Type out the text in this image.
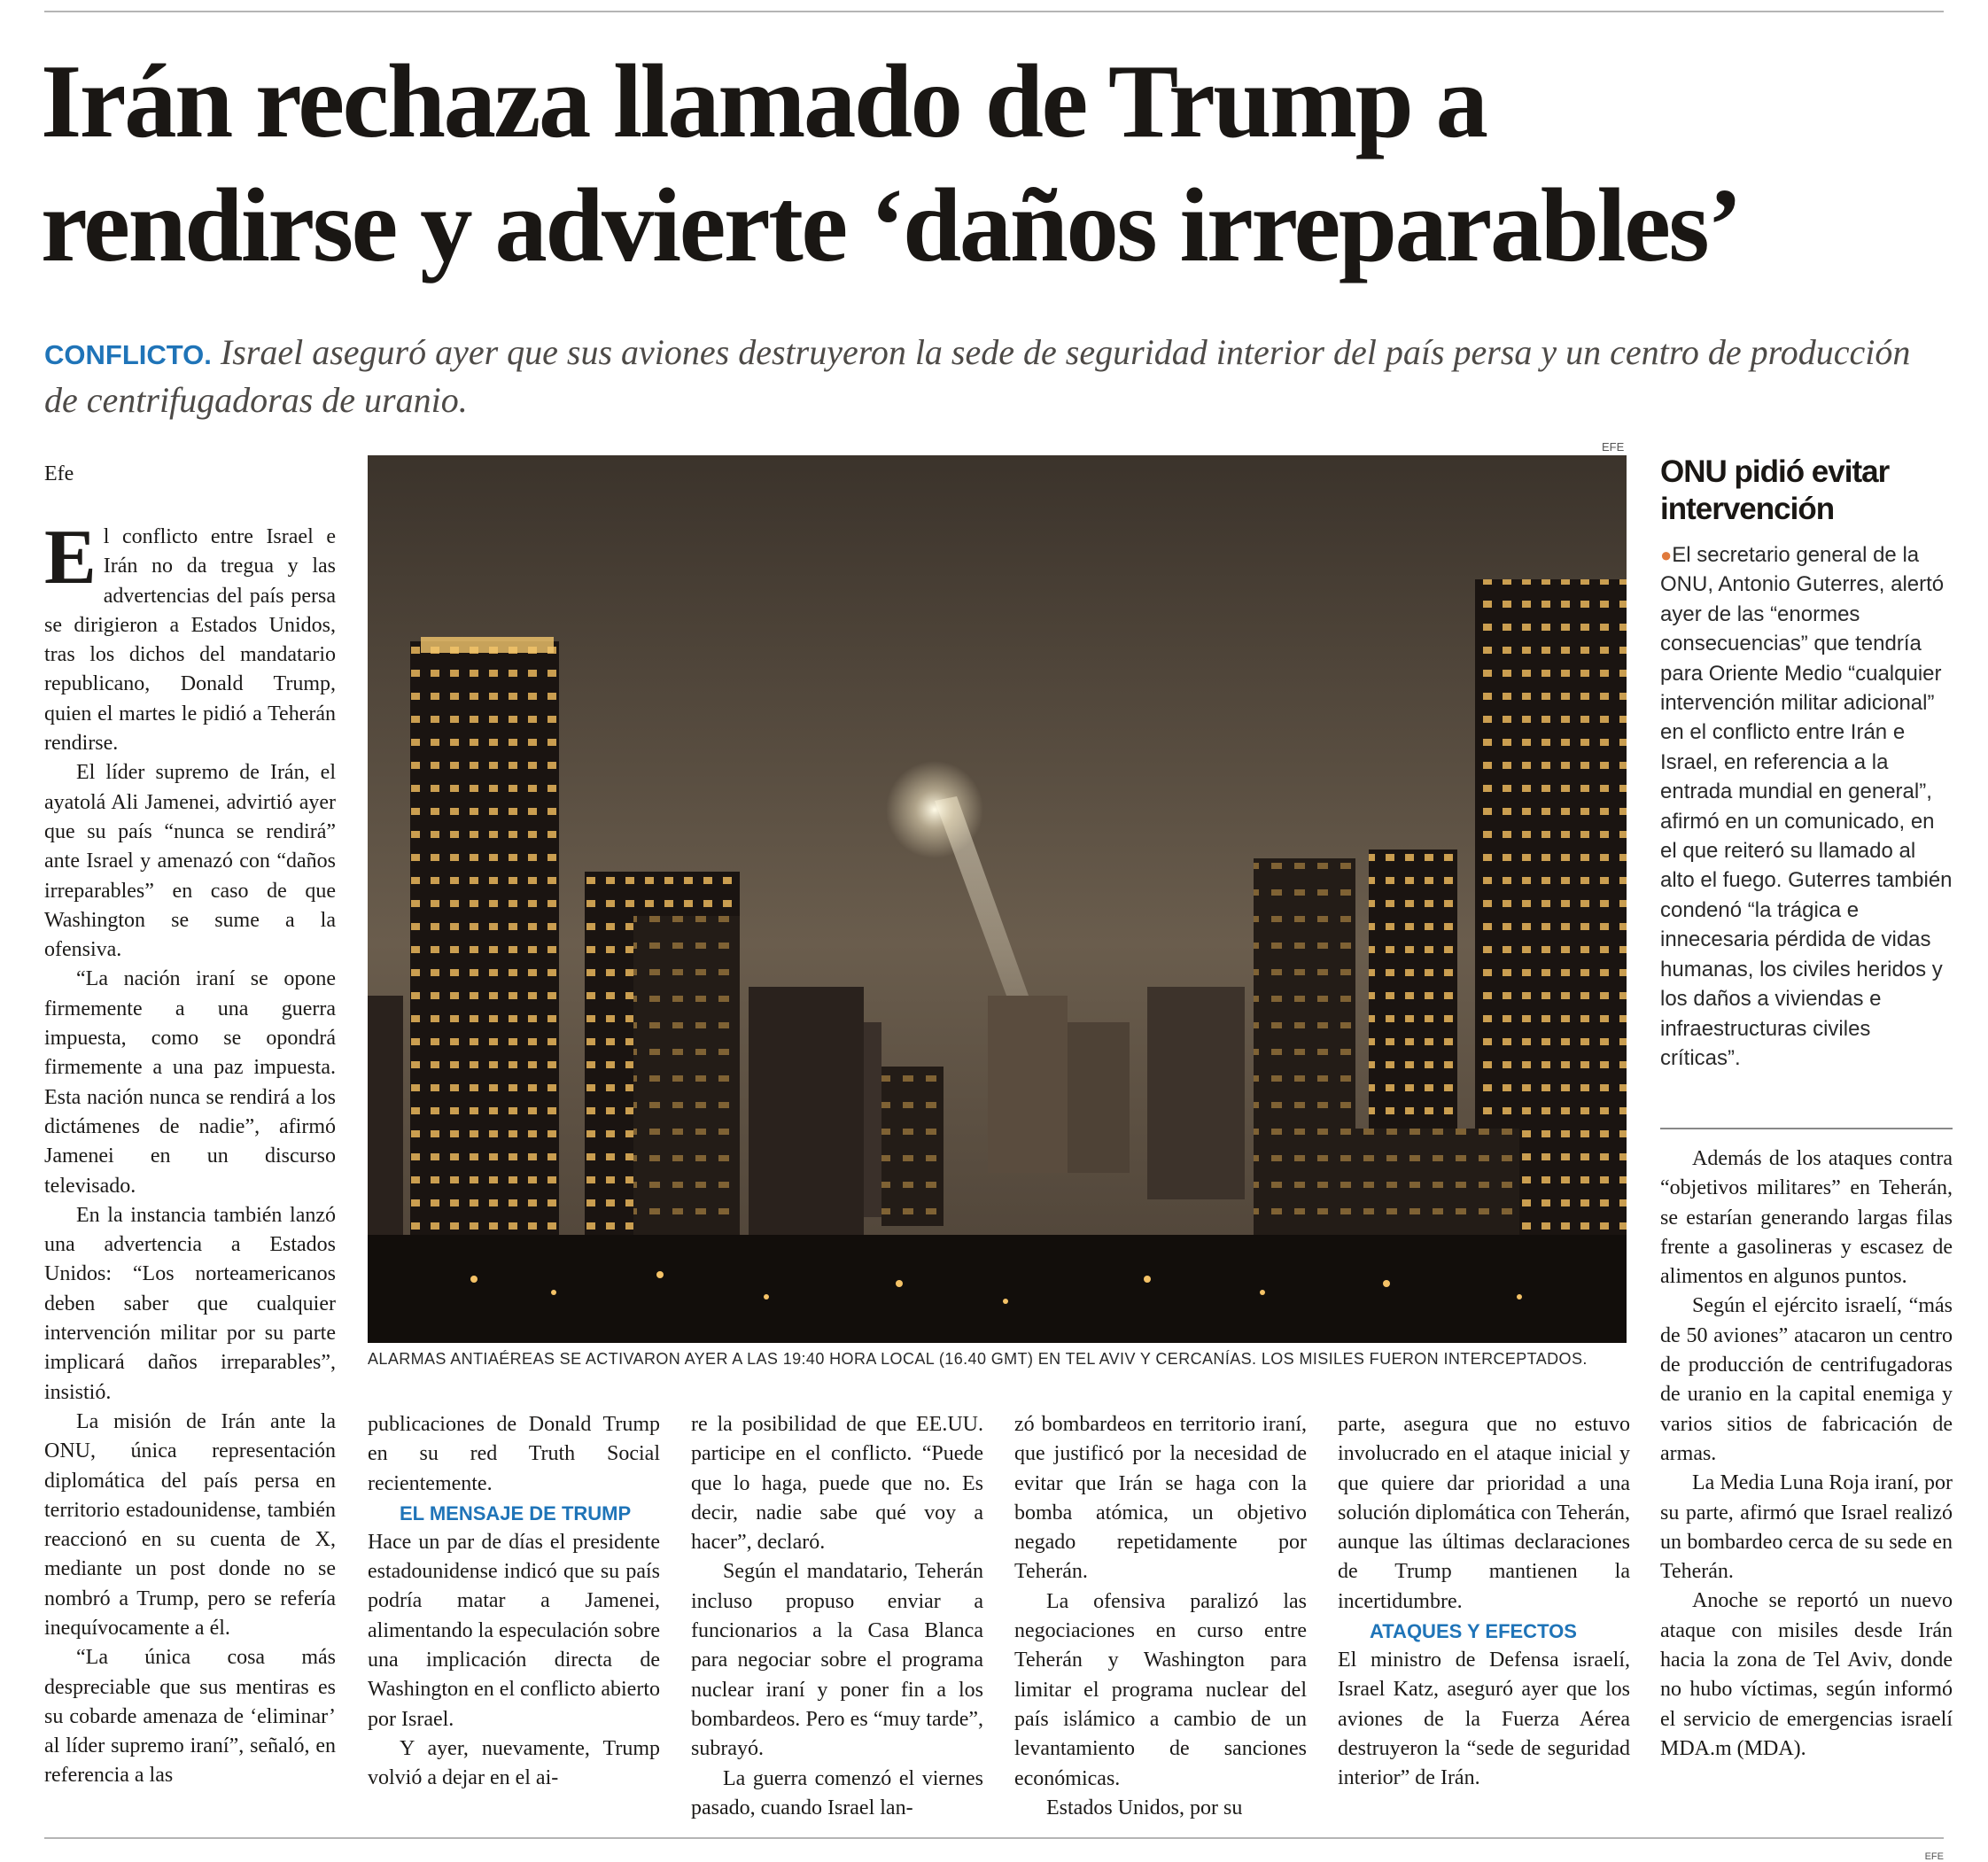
Irán rechaza llamado de Trump a
rendirse y advierte ‘daños irreparables’
CONFLICTO. Israel aseguró ayer que sus aviones destruyeron la sede de seguridad interior del país persa y un centro de producción de centrifugadoras de uranio.
Efe

El conflicto entre Israel e Irán no da tregua y las advertencias del país persa se dirigieron a Estados Unidos, tras los dichos del mandatario republicano, Donald Trump, quien el martes le pidió a Teherán rendirse.

El líder supremo de Irán, el ayatolá Ali Jamenei, advirtió ayer que su país “nunca se rendirá” ante Israel y amenazó con “daños irreparables” en caso de que Washington se sume a la ofensiva.

“La nación iraní se opone firmemente a una guerra impuesta, como se opondrá firmemente a una paz impuesta. Esta nación nunca se rendirá a los dictámenes de nadie”, afirmó Jamenei en un discurso televisado.

En la instancia también lanzó una advertencia a Estados Unidos: “Los norteamericanos deben saber que cualquier intervención militar por su parte implicará daños irreparables”, insistió.

La misión de Irán ante la ONU, única representación diplomática del país persa en territorio estadounidense, también reaccionó en su cuenta de X, mediante un post donde no se nombró a Trump, pero se refería inequívocamente a él.

“La única cosa más despreciable que sus mentiras es su cobarde amenaza de ‘eliminar’ al líder supremo iraní”, señaló, en referencia a las

EFE
ALARMAS ANTIAÉREAS SE ACTIVARON AYER A LAS 19:40 HORA LOCAL (16.40 GMT) EN TEL AVIV Y CERCANÍAS. LOS MISILES FUERON INTERCEPTADOS.

publicaciones de Donald Trump en su red Truth Social recientemente.

EL MENSAJE DE TRUMP

Hace un par de días el presidente estadounidense indicó que su país podría matar a Jamenei, alimentando la especulación sobre una implicación directa de Washington en el conflicto abierto por Israel.

Y ayer, nuevamente, Trump volvió a dejar en el ai-

re la posibilidad de que EE.UU. participe en el conflicto. “Puede que lo haga, puede que no. Es decir, nadie sabe qué voy a hacer”, declaró.

Según el mandatario, Teherán incluso propuso enviar a funcionarios a la Casa Blanca para negociar sobre el programa nuclear iraní y poner fin a los bombardeos. Pero es “muy tarde”, subrayó.

La guerra comenzó el viernes pasado, cuando Israel lan-

zó bombardeos en territorio iraní, que justificó por la necesidad de evitar que Irán se haga con la bomba atómica, un objetivo negado repetidamente por Teherán.

La ofensiva paralizó las negociaciones en curso entre Teherán y Washington para limitar el programa nuclear del país islámico a cambio de un levantamiento de sanciones económicas.

Estados Unidos, por su

parte, asegura que no estuvo involucrado en el ataque inicial y que quiere dar prioridad a una solución diplomática con Teherán, aunque las últimas declaraciones de Trump mantienen la incertidumbre.

ATAQUES Y EFECTOS

El ministro de Defensa israelí, Israel Katz, aseguró ayer que los aviones de la Fuerza Aérea destruyeron la “sede de seguridad interior” de Irán.

ONU pidió evitar intervención
●El secretario general de la ONU, Antonio Guterres, alertó ayer de las “enormes consecuencias” que tendría para Oriente Medio “cualquier intervención militar adicional” en el conflicto entre Irán e Israel, en referencia a la entrada mundial en general”, afirmó en un comunicado, en el que reiteró su llamado al alto el fuego. Guterres también condenó “la trágica e innecesaria pérdida de vidas humanas, los civiles heridos y los daños a viviendas e infraestructuras civiles críticas”.

Además de los ataques contra “objetivos militares” en Teherán, se estarían generando largas filas frente a gasolineras y escasez de alimentos en algunos puntos.

Según el ejército israelí, “más de 50 aviones” atacaron un centro de producción de centrifugadoras de uranio en la capital enemiga y varios sitios de fabricación de armas.

La Media Luna Roja iraní, por su parte, afirmó que Israel realizó un bombardeo cerca de su sede en Teherán.

Anoche se reportó un nuevo ataque con misiles desde Irán hacia la zona de Tel Aviv, donde no hubo víctimas, según informó el servicio de emergencias israelí MDA.m (MDA).

EFE
